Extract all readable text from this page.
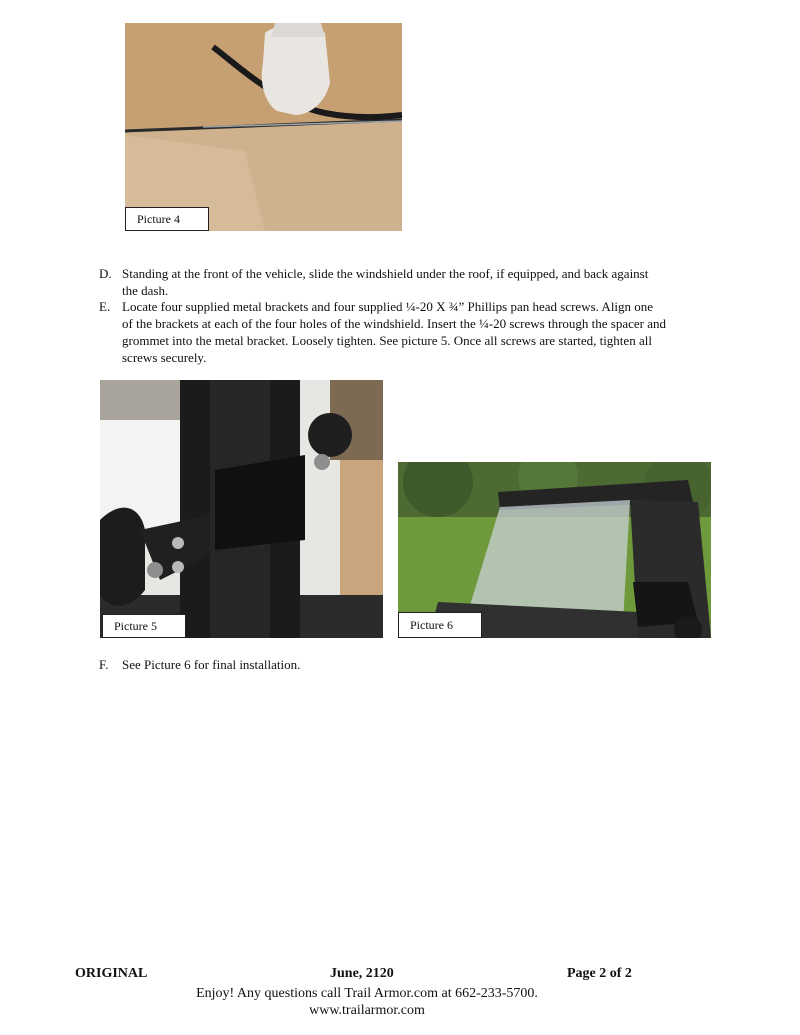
Picture 4
D. Standing at the front of the vehicle, slide the windshield under the roof, if equipped, and back against
the dash.
E. Locate four supplied metal brackets and four supplied ¼-20 X ¾” Phillips pan head screws. Align one
of the brackets at each of the four holes of the windshield. Insert the ¼-20 screws through the spacer and
grommet into the metal bracket. Loosely tighten. See picture 5. Once all screws are started, tighten all
screws securely.
Picture 5	Picture 6
F. See Picture 6 for final installation.
ORIGINAL	June, 2120	Page 2 of 2
Enjoy! Any questions call Trail Armor.com at 662-233-5700.
www.trailarmor.com
